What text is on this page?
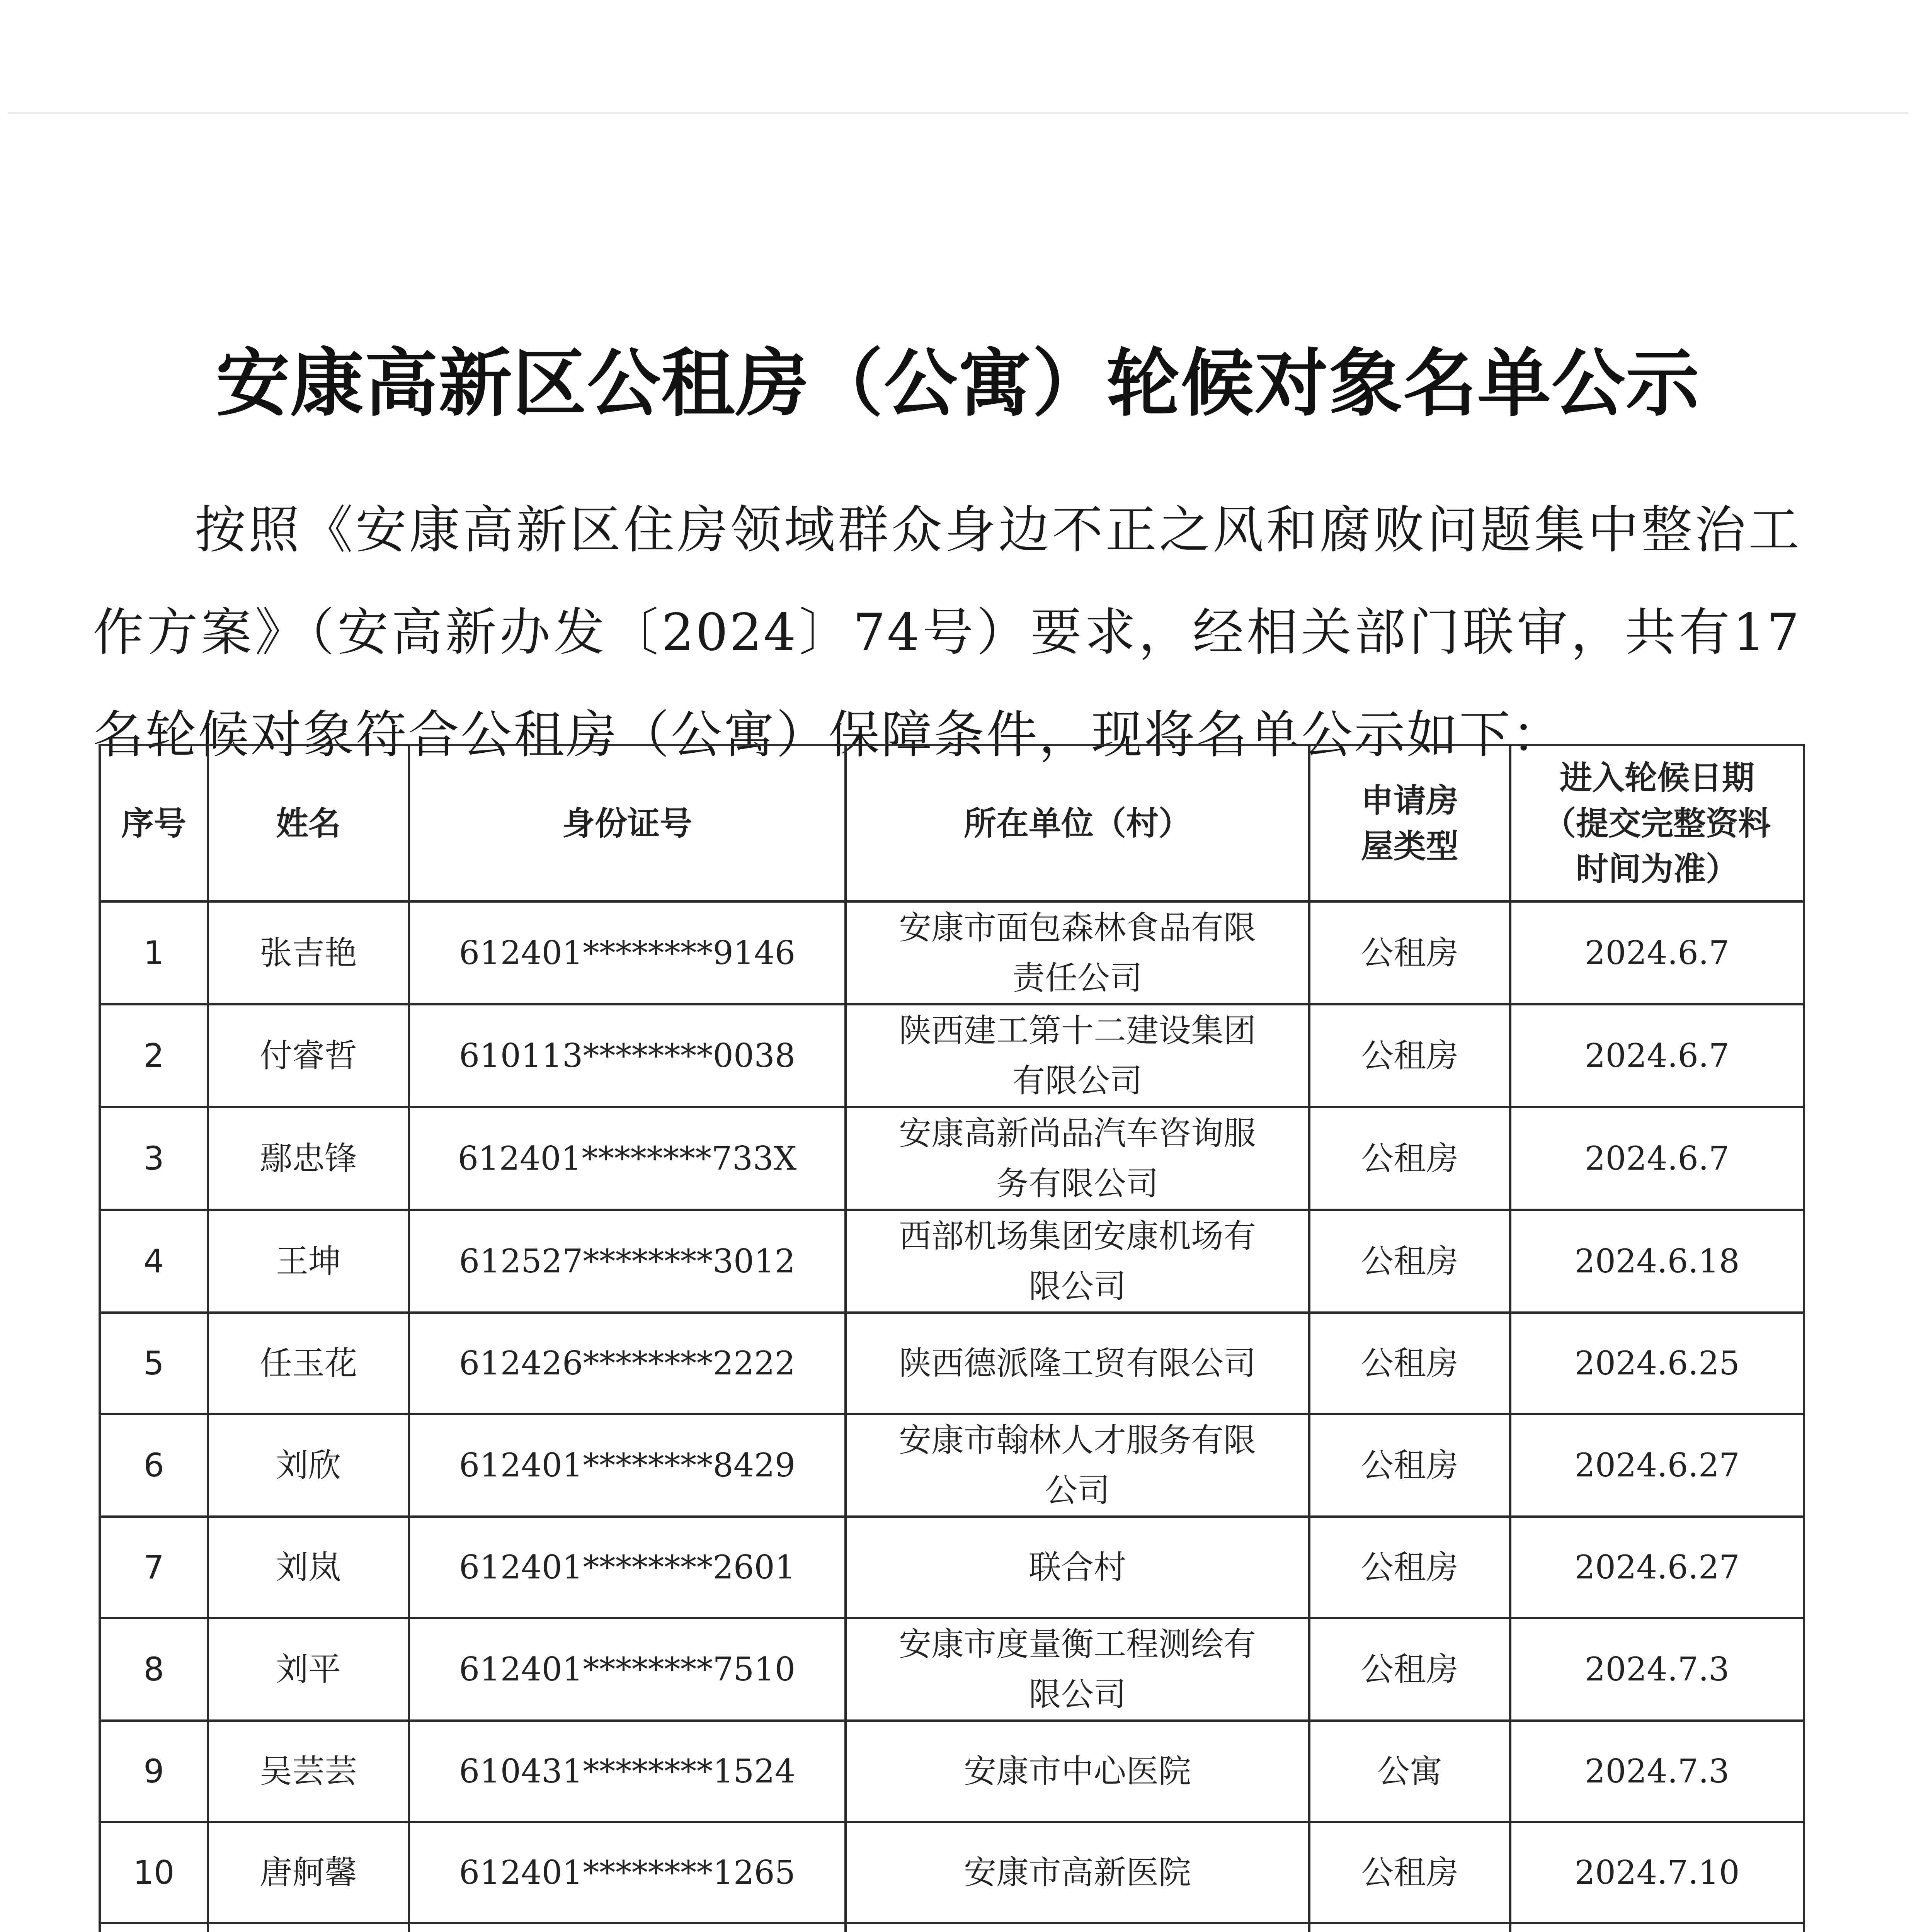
安康高新区公租房（公寓）轮候对象名单公示

按照《安康高新区住房领域群众身边不正之风和腐败问题集中整治工作方案》（安高新办发〔2024〕74号）要求，经相关部门联审，共有17名轮候对象符合公租房（公寓）保障条件，现将名单公示如下：

序号	姓名	身份证号	所在单位（村）	申请房屋类型	进入轮候日期（提交完整资料时间为准）
1	张吉艳	612401********9146	安康市面包森林食品有限责任公司	公租房	2024.6.7
2	付睿哲	610113********0038	陕西建工第十二建设集团有限公司	公租房	2024.6.7
3	鄢忠锋	612401********733X	安康高新尚品汽车咨询服务有限公司	公租房	2024.6.7
4	王坤	612527********3012	西部机场集团安康机场有限公司	公租房	2024.6.18
5	任玉花	612426********2222	陕西德派隆工贸有限公司	公租房	2024.6.25
6	刘欣	612401********8429	安康市翰林人才服务有限公司	公租房	2024.6.27
7	刘岚	612401********2601	联合村	公租房	2024.6.27
8	刘平	612401********7510	安康市度量衡工程测绘有限公司	公租房	2024.7.3
9	吴芸芸	610431********1524	安康市中心医院	公寓	2024.7.3
10	唐舸馨	612401********1265	安康市高新医院	公租房	2024.7.10
